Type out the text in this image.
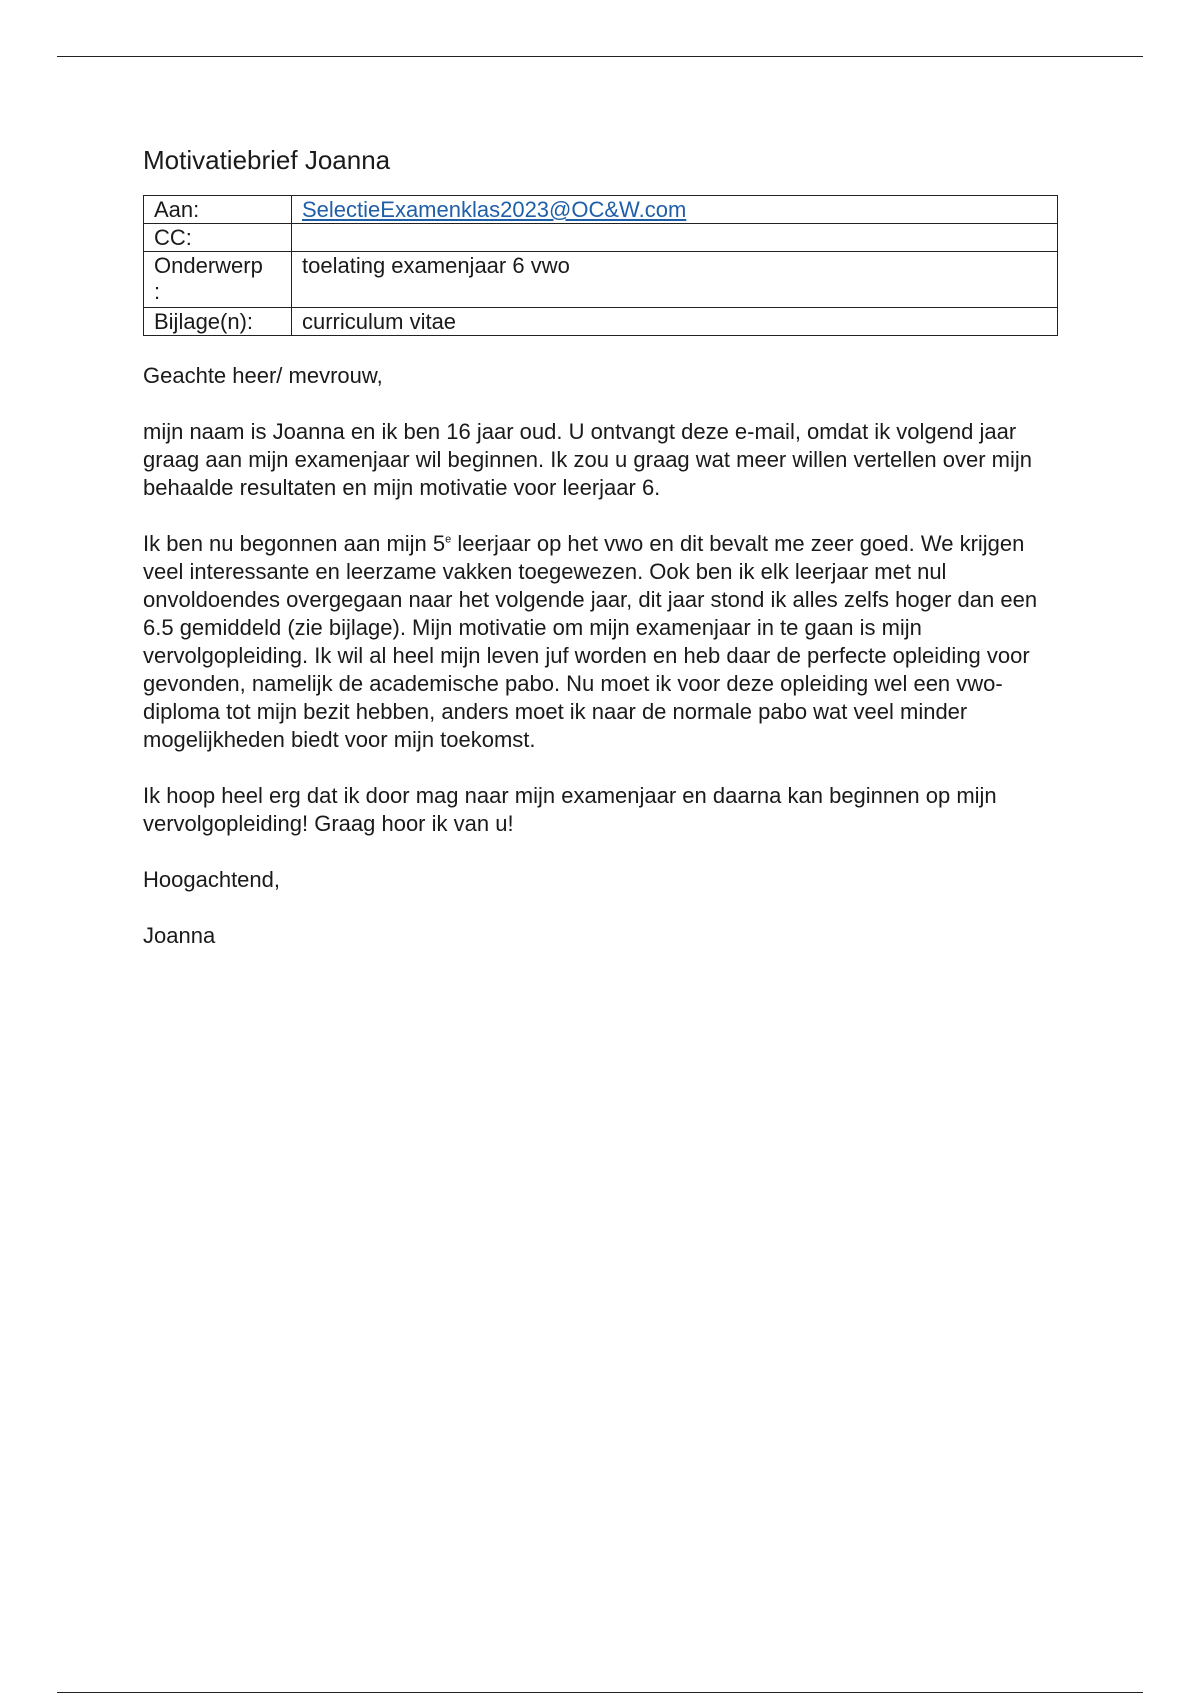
Motivatiebrief Joanna
Aan:	SelectieExamenklas2023@OC&W.com
CC:	

Onderwerp
:	toelating examenjaar 6 vwo
Bijlage(n):	curriculum vitae

Geachte heer/ mevrouw,

mijn naam is Joanna en ik ben 16 jaar oud. U ontvangt deze e-mail, omdat ik volgend jaar graag aan mijn examenjaar wil beginnen. Ik zou u graag wat meer willen vertellen over mijn behaalde resultaten en mijn motivatie voor leerjaar 6.

Ik ben nu begonnen aan mijn 5e leerjaar op het vwo en dit bevalt me zeer goed. We krijgen veel interessante en leerzame vakken toegewezen. Ook ben ik elk leerjaar met nul onvoldoendes overgegaan naar het volgende jaar, dit jaar stond ik alles zelfs hoger dan een 6.5 gemiddeld (zie bijlage). Mijn motivatie om mijn examenjaar in te gaan is mijn vervolgopleiding. Ik wil al heel mijn leven juf worden en heb daar de perfecte opleiding voor gevonden, namelijk de academische pabo. Nu moet ik voor deze opleiding wel een vwo-diploma tot mijn bezit hebben, anders moet ik naar de normale pabo wat veel minder mogelijkheden biedt voor mijn toekomst.

Ik hoop heel erg dat ik door mag naar mijn examenjaar en daarna kan beginnen op mijn vervolgopleiding! Graag hoor ik van u!

Hoogachtend,

Joanna
